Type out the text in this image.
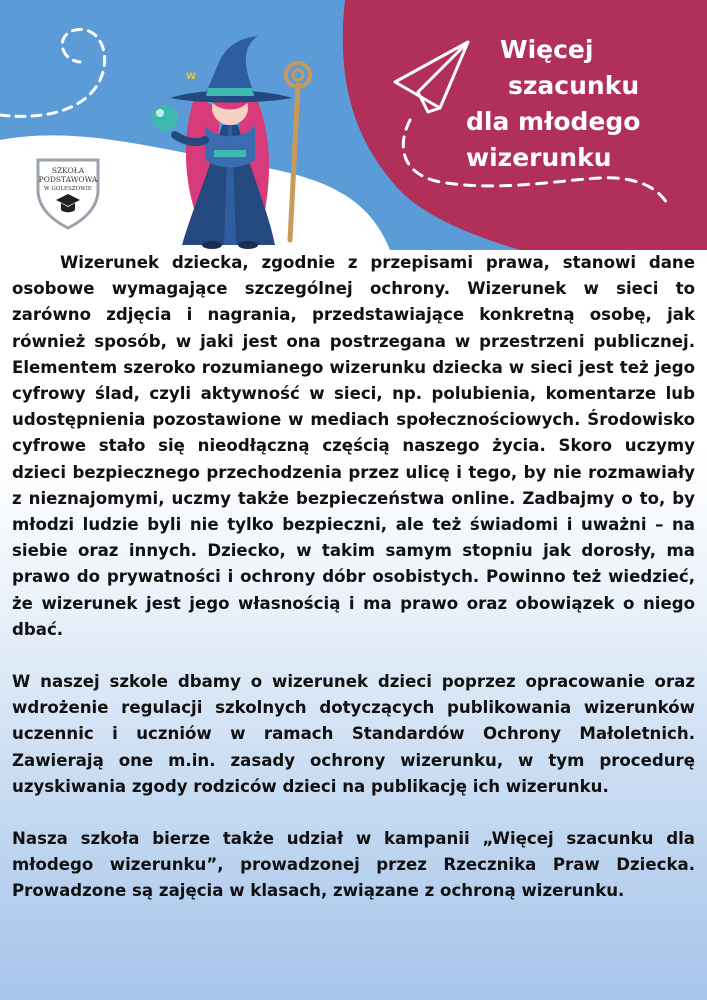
SZKOŁA
PODSTAWOWA
W GOLESZOWIE
W
Więcej
szacunku
dla młodego
wizerunku

Wizerunek dziecka, zgodnie z przepisami prawa, stanowi dane osobowe wymagające szczególnej ochrony. Wizerunek w sieci to zarówno zdjęcia i nagrania, przedstawiające konkretną osobę, jak również sposób, w jaki jest ona postrzegana w przestrzeni publicznej. Elementem szeroko rozumianego wizerunku dziecka w sieci jest też jego cyfrowy ślad, czyli aktywność w sieci, np. polubienia, komentarze lub udostępnienia pozostawione w mediach społecznościowych. Środowisko cyfrowe stało się nieodłączną częścią naszego życia. Skoro uczymy dzieci bezpiecznego przechodzenia przez ulicę i tego, by nie rozmawiały z nieznajomymi, uczmy także bezpieczeństwa online. Zadbajmy o to, by młodzi ludzie byli nie tylko bezpieczni, ale też świadomi i uważni – na siebie oraz innych. Dziecko, w takim samym stopniu jak dorosły, ma prawo do prywatności i ochrony dóbr osobistych. Powinno też wiedzieć, że wizerunek jest jego własnością i ma prawo oraz obowiązek o niego dbać.

W naszej szkole dbamy o wizerunek dzieci poprzez opracowanie oraz wdrożenie regulacji szkolnych dotyczących publikowania wizerunków uczennic i uczniów w ramach Standardów Ochrony Małoletnich. Zawierają one m.in. zasady ochrony wizerunku, w tym procedurę uzyskiwania zgody rodziców dzieci na publikację ich wizerunku.

Nasza szkoła bierze także udział w kampanii „Więcej szacunku dla młodego wizerunku”, prowadzonej przez Rzecznika Praw Dziecka. Prowadzone są zajęcia w klasach, związane z ochroną wizerunku.
